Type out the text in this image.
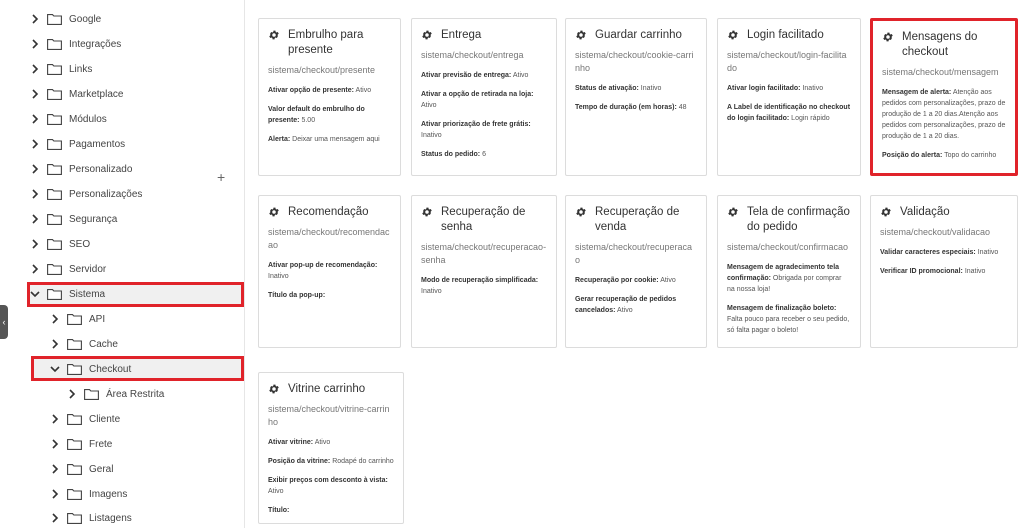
Google
Integrações
Links
Marketplace
Módulos
Pagamentos
Personalizado
Personalizações
Segurança
SEO
Servidor
Sistema
API
Cache
Checkout
Área Restrita
Cliente
Frete
Geral
Imagens
Listagens
+
‹
Embrulho para presente
sistema/checkout/presente
Ativar opção de presente: Ativo
Valor default do embrulho do presente: 5.00
Alerta: Deixar uma mensagem aqui
Entrega
sistema/checkout/entrega
Ativar previsão de entrega: Ativo
Ativar a opção de retirada na loja: Ativo
Ativar priorização de frete grátis: Inativo
Status do pedido: 6
Guardar carrinho
sistema/checkout/cookie-carrinho
Status de ativação: Inativo
Tempo de duração (em horas): 48
Login facilitado
sistema/checkout/login-facilitado
Ativar login facilitado: Inativo
A Label de identificação no checkout do login facilitado: Login rápido
Mensagens do checkout
sistema/checkout/mensagem
Mensagem de alerta: Atenção aos pedidos com personalizações, prazo de produção de 1 a 20 dias.Atenção aos pedidos com personalizações, prazo de produção de 1 a 20 dias.
Posição do alerta: Topo do carrinho
Recomendação
sistema/checkout/recomendacao
Ativar pop-up de recomendação: Inativo
Título da pop-up:
Recuperação de senha
sistema/checkout/recuperacao-senha
Modo de recuperação simplificada: Inativo
Recuperação de venda
sistema/checkout/recuperacao
Recuperação por cookie: Ativo
Gerar recuperação de pedidos cancelados: Ativo
Tela de confirmação do pedido
sistema/checkout/confirmacao
Mensagem de agradecimento tela confirmação: Obrigada por comprar na nossa loja!
Mensagem de finalização boleto: Falta pouco para receber o seu pedido, só falta pagar o boleto!
Validação
sistema/checkout/validacao
Validar caracteres especiais: Inativo
Verificar ID promocional: Inativo
Vitrine carrinho
sistema/checkout/vitrine-carrinho
Ativar vitrine: Ativo
Posição da vitrine: Rodapé do carrinho
Exibir preços com desconto à vista: Ativo
Título:
